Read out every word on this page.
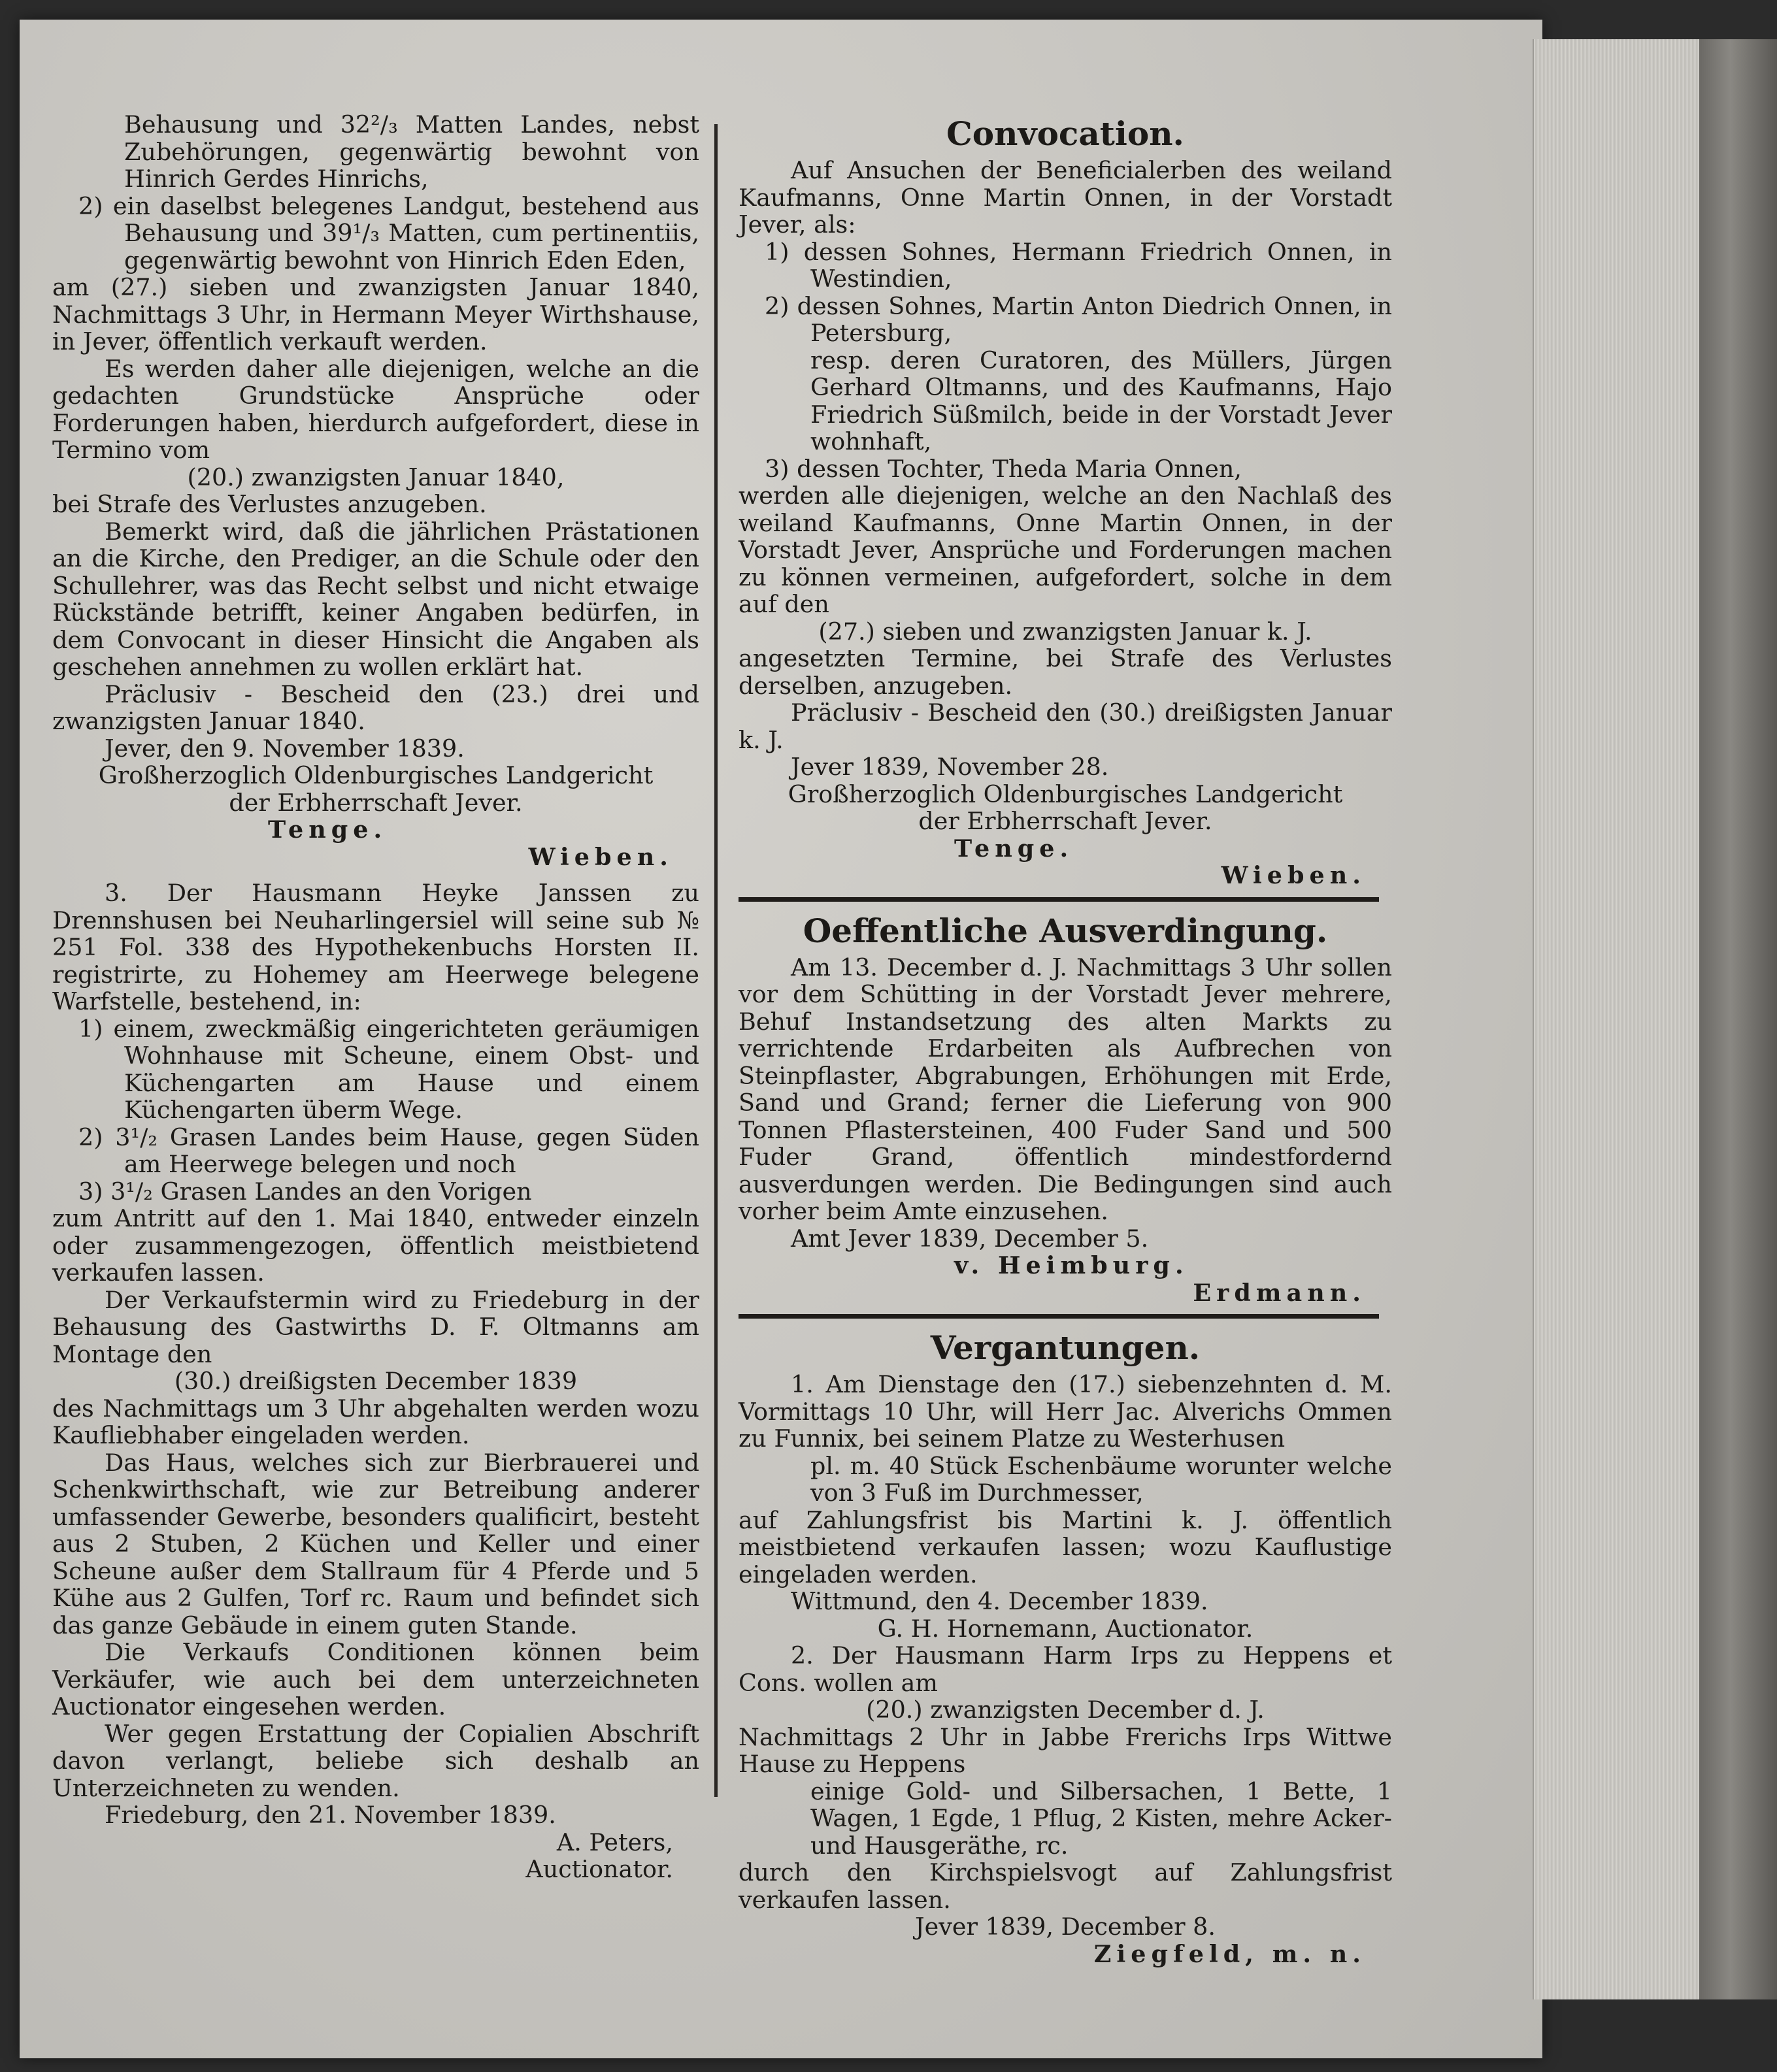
Behausung und 32²/₃ Matten Landes, nebst Zubehörungen, gegenwärtig bewohnt von Hinrich Gerdes Hinrichs,
2) ein daselbst belegenes Landgut, bestehend aus Behausung und 39¹/₃ Matten, cum pertinentiis, gegenwärtig bewohnt von Hinrich Eden Eden,
am (27.) sieben und zwanzigsten Januar 1840, Nachmittags 3 Uhr, in Hermann Meyer Wirthshause, in Jever, öffentlich verkauft werden.
Es werden daher alle diejenigen, welche an die gedachten Grundstücke Ansprüche oder Forderungen haben, hierdurch aufgefordert, diese in Termino vom
(20.) zwanzigsten Januar 1840,
bei Strafe des Verlustes anzugeben.
Bemerkt wird, daß die jährlichen Prästationen an die Kirche, den Prediger, an die Schule oder den Schullehrer, was das Recht selbst und nicht etwaige Rückstände betrifft, keiner Angaben bedürfen, in dem Convocant in dieser Hinsicht die Angaben als geschehen annehmen zu wollen erklärt hat.
Präclusiv - Bescheid den (23.) drei und zwanzigsten Januar 1840.
Jever, den 9. November 1839.
Großherzoglich Oldenburgisches Landgericht
der Erbherrschaft Jever.
Tenge.
Wieben.
3. Der Hausmann Heyke Janssen zu Drennshusen bei Neuharlingersiel will seine sub № 251 Fol. 338 des Hypothekenbuchs Horsten II. registrirte, zu Hohemey am Heerwege belegene Warfstelle, bestehend, in:
1) einem, zweckmäßig eingerichteten geräumigen Wohnhause mit Scheune, einem Obst- und Küchengarten am Hause und einem Küchengarten überm Wege.
2) 3¹/₂ Grasen Landes beim Hause, gegen Süden am Heerwege belegen und noch
3) 3¹/₂ Grasen Landes an den Vorigen
zum Antritt auf den 1. Mai 1840, entweder einzeln oder zusammengezogen, öffentlich meistbietend verkaufen lassen.
Der Verkaufstermin wird zu Friedeburg in der Behausung des Gastwirths D. F. Oltmanns am Montage den
(30.) dreißigsten December 1839
des Nachmittags um 3 Uhr abgehalten werden wozu Kaufliebhaber eingeladen werden.
Das Haus, welches sich zur Bierbrauerei und Schenkwirthschaft, wie zur Betreibung anderer umfassender Gewerbe, besonders qualificirt, besteht aus 2 Stuben, 2 Küchen und Keller und einer Scheune außer dem Stallraum für 4 Pferde und 5 Kühe aus 2 Gulfen, Torf rc. Raum und befindet sich das ganze Gebäude in einem guten Stande.
Die Verkaufs Conditionen können beim Verkäufer, wie auch bei dem unterzeichneten Auctionator eingesehen werden.
Wer gegen Erstattung der Copialien Abschrift davon verlangt, beliebe sich deshalb an Unterzeichneten zu wenden.
Friedeburg, den 21. November 1839.
A. Peters,
Auctionator.
Convocation.
Auf Ansuchen der Beneficialerben des weiland Kaufmanns, Onne Martin Onnen, in der Vorstadt Jever, als:
1) dessen Sohnes, Hermann Friedrich Onnen, in Westindien,
2) dessen Sohnes, Martin Anton Diedrich Onnen, in Petersburg,
resp. deren Curatoren, des Müllers, Jürgen Gerhard Oltmanns, und des Kaufmanns, Hajo Friedrich Süßmilch, beide in der Vorstadt Jever wohnhaft,
3) dessen Tochter, Theda Maria Onnen,
werden alle diejenigen, welche an den Nachlaß des weiland Kaufmanns, Onne Martin Onnen, in der Vorstadt Jever, Ansprüche und Forderungen machen zu können vermeinen, aufgefordert, solche in dem auf den
(27.) sieben und zwanzigsten Januar k. J.
angesetzten Termine, bei Strafe des Verlustes derselben, anzugeben.
Präclusiv - Bescheid den (30.) dreißigsten Januar k. J.
Jever 1839, November 28.
Großherzoglich Oldenburgisches Landgericht
der Erbherrschaft Jever.
Tenge.
Wieben.
Oeffentliche Ausverdingung.
Am 13. December d. J. Nachmittags 3 Uhr sollen vor dem Schütting in der Vorstadt Jever mehrere, Behuf Instandsetzung des alten Markts zu verrichtende Erdarbeiten als Aufbrechen von Steinpflaster, Abgrabungen, Erhöhungen mit Erde, Sand und Grand; ferner die Lieferung von 900 Tonnen Pflastersteinen, 400 Fuder Sand und 500 Fuder Grand, öffentlich mindestfordernd ausverdungen werden. Die Bedingungen sind auch vorher beim Amte einzusehen.
Amt Jever 1839, December 5.
v. Heimburg.
Erdmann.
Vergantungen.
1. Am Dienstage den (17.) siebenzehnten d. M. Vormittags 10 Uhr, will Herr Jac. Alverichs Ommen zu Funnix, bei seinem Platze zu Westerhusen
pl. m. 40 Stück Eschenbäume worunter welche von 3 Fuß im Durchmesser,
auf Zahlungsfrist bis Martini k. J. öffentlich meistbietend verkaufen lassen; wozu Kauflustige eingeladen werden.
Wittmund, den 4. December 1839.
G. H. Hornemann, Auctionator.
2. Der Hausmann Harm Irps zu Heppens et Cons. wollen am
(20.) zwanzigsten December d. J.
Nachmittags 2 Uhr in Jabbe Frerichs Irps Wittwe Hause zu Heppens
einige Gold- und Silbersachen, 1 Bette, 1 Wagen, 1 Egde, 1 Pflug, 2 Kisten, mehre Acker- und Hausgeräthe, rc.
durch den Kirchspielsvogt auf Zahlungsfrist verkaufen lassen.
Jever 1839, December 8.
Ziegfeld, m. n.
